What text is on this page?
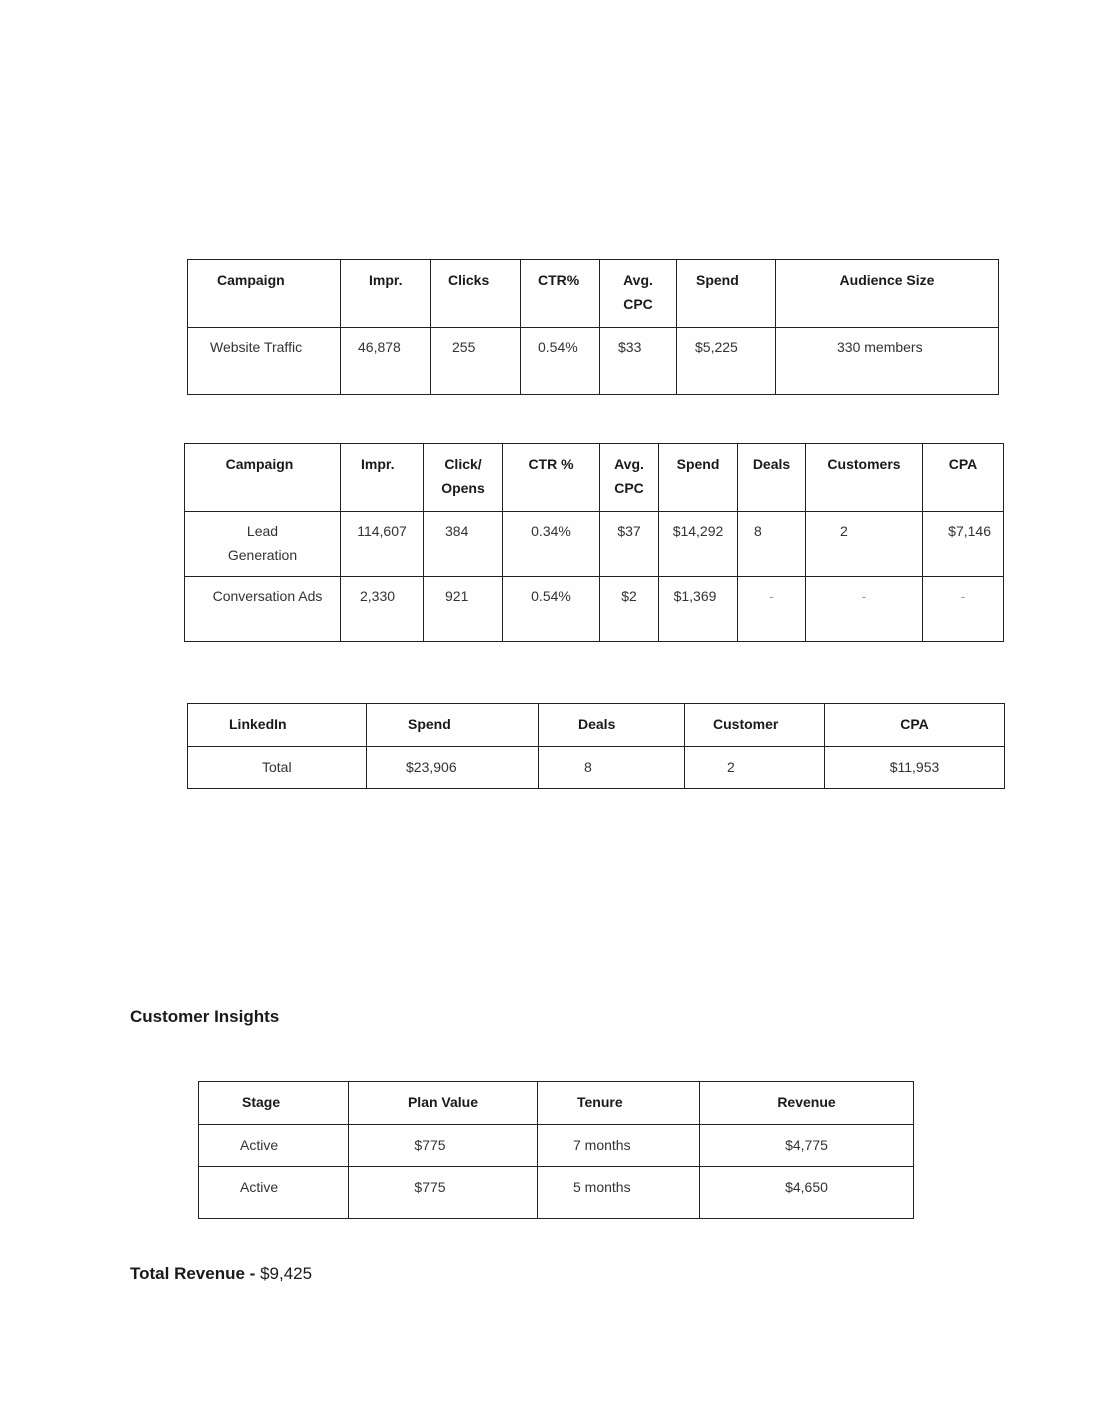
Campaign	Impr.	Clicks	CTR%	Avg. CPC	Spend	Audience Size
Website Traffic	46,878	255	0.54%	$33	$5,225	330 members
Campaign	Impr.	Click/ Opens	CTR %	Avg. CPC	Spend	Deals	Customers	CPA
Lead Generation	114,607	384	0.34%	$37	$14,292	8	2	$7,146
Conversation Ads	2,330	921	0.54%	$2	$1,369	-	-	-
LinkedIn	Spend	Deals	Customer	CPA
Total	$23,906	8	2	$11,953
Customer Insights
Stage	Plan Value	Tenure	Revenue
Active	$775	7 months	$4,775
Active	$775	5 months	$4,650

Total Revenue - $9,425
